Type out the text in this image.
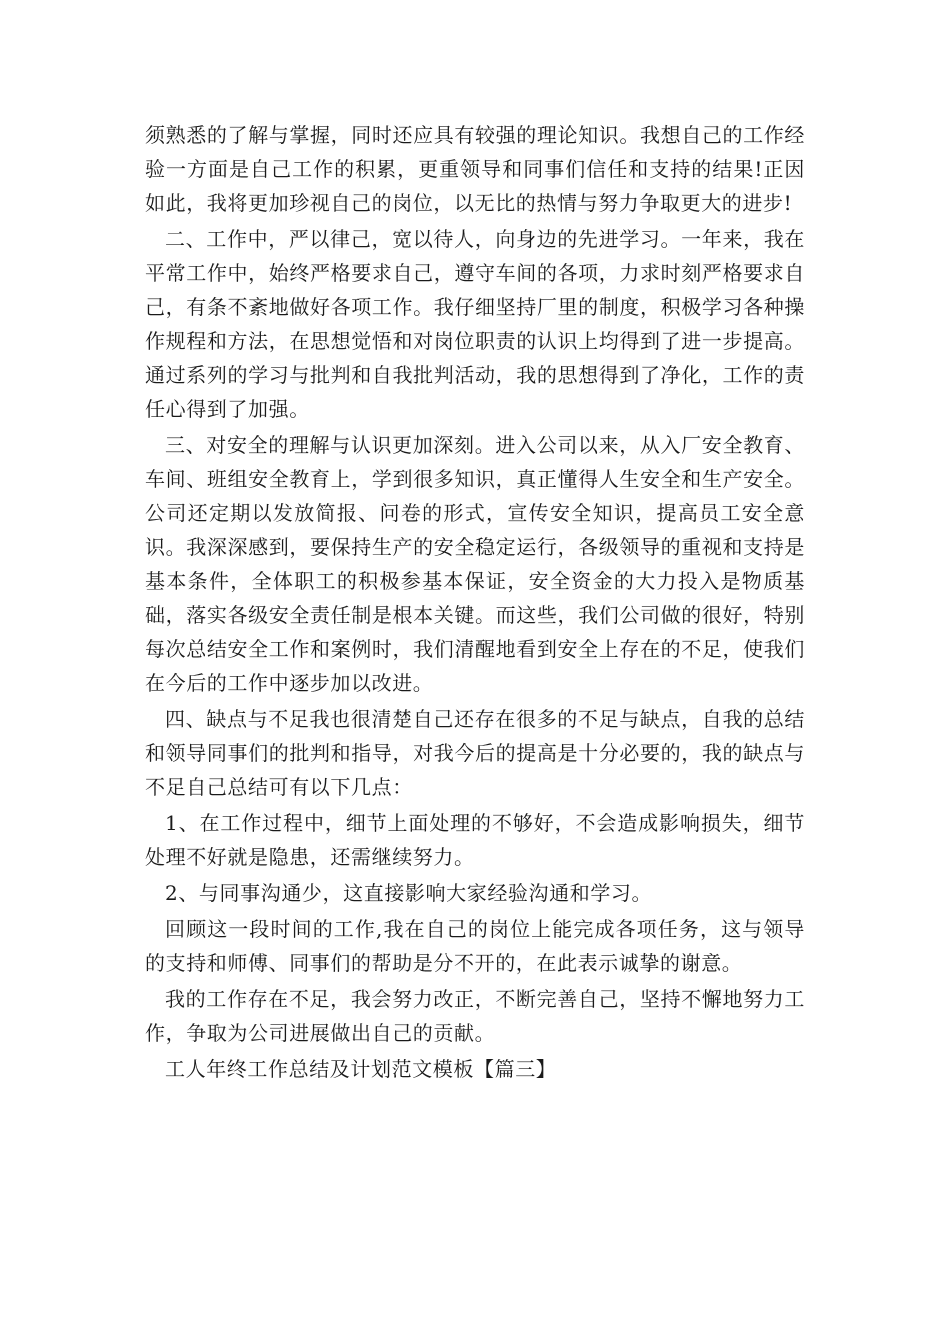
须熟悉的了解与掌握，同时还应具有较强的理论知识。我想自己的工作经验一方面是自己工作的积累，更重领导和同事们信任和支持的结果!正因如此，我将更加珍视自己的岗位，以无比的热情与努力争取更大的进步!

二、工作中，严以律己，宽以待人，向身边的先进学习。一年来，我在平常工作中，始终严格要求自己，遵守车间的各项，力求时刻严格要求自己，有条不紊地做好各项工作。我仔细坚持厂里的制度，积极学习各种操作规程和方法，在思想觉悟和对岗位职责的认识上均得到了进一步提高。通过系列的学习与批判和自我批判活动，我的思想得到了净化，工作的责任心得到了加强。

三、对安全的理解与认识更加深刻。进入公司以来，从入厂安全教育、车间、班组安全教育上，学到很多知识，真正懂得人生安全和生产安全。公司还定期以发放简报、问卷的形式，宣传安全知识，提高员工安全意识。我深深感到，要保持生产的安全稳定运行，各级领导的重视和支持是基本条件，全体职工的积极参基本保证，安全资金的大力投入是物质基础，落实各级安全责任制是根本关键。而这些，我们公司做的很好，特别每次总结安全工作和案例时，我们清醒地看到安全上存在的不足，使我们在今后的工作中逐步加以改进。

四、缺点与不足我也很清楚自己还存在很多的不足与缺点，自我的总结和领导同事们的批判和指导，对我今后的提高是十分必要的，我的缺点与不足自己总结可有以下几点：

1、在工作过程中，细节上面处理的不够好，不会造成影响损失，细节处理不好就是隐患，还需继续努力。

2、与同事沟通少，这直接影响大家经验沟通和学习。

回顾这一段时间的工作,我在自己的岗位上能完成各项任务，这与领导的支持和师傅、同事们的帮助是分不开的，在此表示诚挚的谢意。

我的工作存在不足，我会努力改正，不断完善自己，坚持不懈地努力工作，争取为公司进展做出自己的贡献。

工人年终工作总结及计划范文模板【篇三】
